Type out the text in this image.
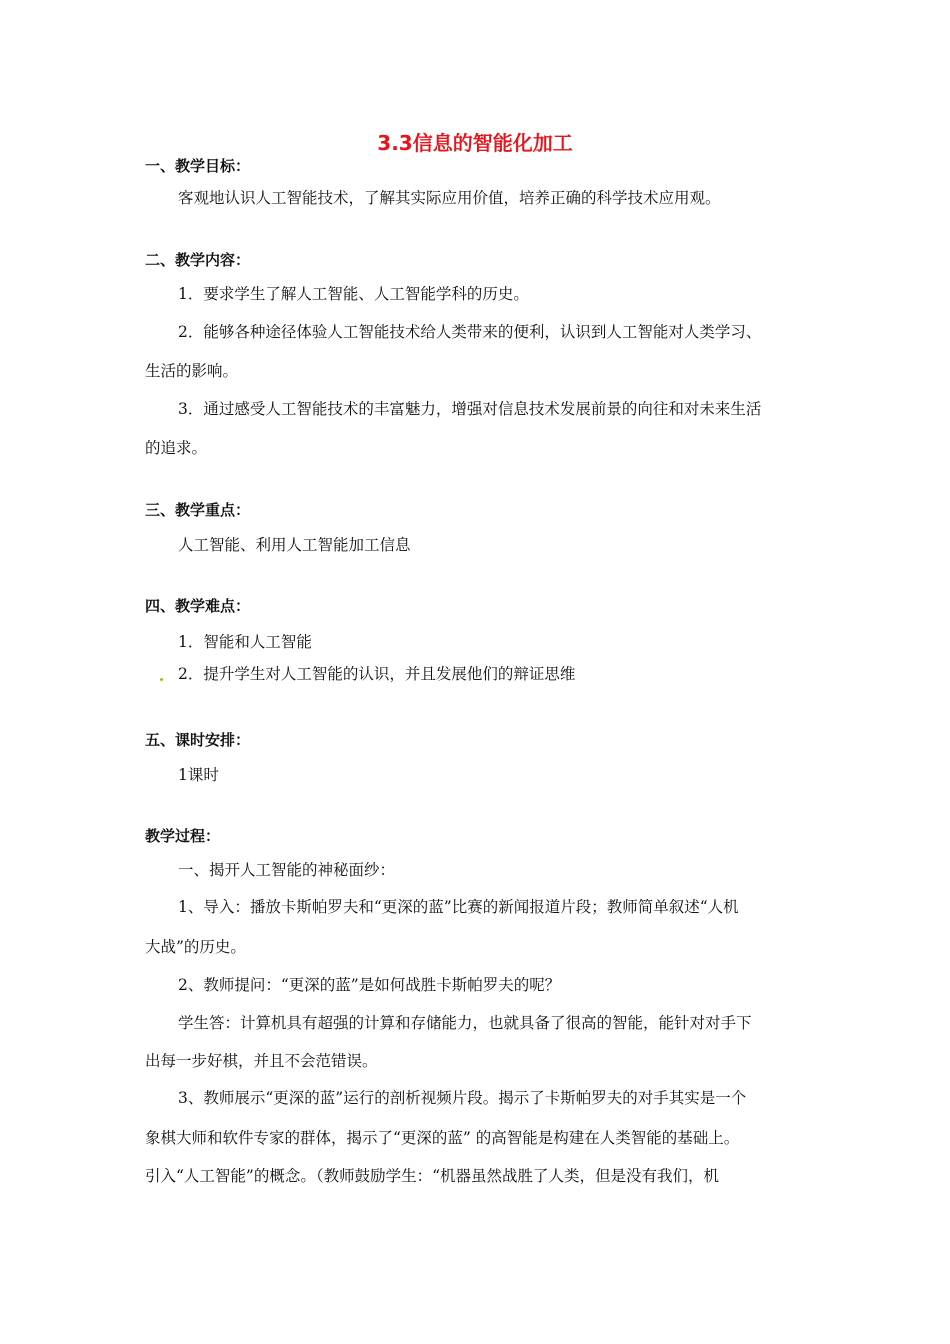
3.3信息的智能化加工
一、教学目标：
客观地认识人工智能技术，了解其实际应用价值，培养正确的科学技术应用观。
二、教学内容：
1．要求学生了解人工智能、人工智能学科的历史。
2．能够各种途径体验人工智能技术给人类带来的便利，认识到人工智能对人类学习、
生活的影响。
3．通过感受人工智能技术的丰富魅力，增强对信息技术发展前景的向往和对未来生活
的追求。
三、教学重点：
人工智能、利用人工智能加工信息
四、教学难点：
1．智能和人工智能
2．提升学生对人工智能的认识，并且发展他们的辩证思维
五、课时安排：
1课时
教学过程：
一、揭开人工智能的神秘面纱：
1、导入：播放卡斯帕罗夫和“更深的蓝”比赛的新闻报道片段；教师简单叙述“人机
大战”的历史。
2、教师提问：“更深的蓝”是如何战胜卡斯帕罗夫的呢？
学生答：计算机具有超强的计算和存储能力，也就具备了很高的智能，能针对对手下
出每一步好棋，并且不会范错误。
3、教师展示“更深的蓝”运行的剖析视频片段。揭示了卡斯帕罗夫的对手其实是一个
象棋大师和软件专家的群体，揭示了“更深的蓝” 的高智能是构建在人类智能的基础上。
引入“人工智能”的概念。（教师鼓励学生：“机器虽然战胜了人类，但是没有我们，机
